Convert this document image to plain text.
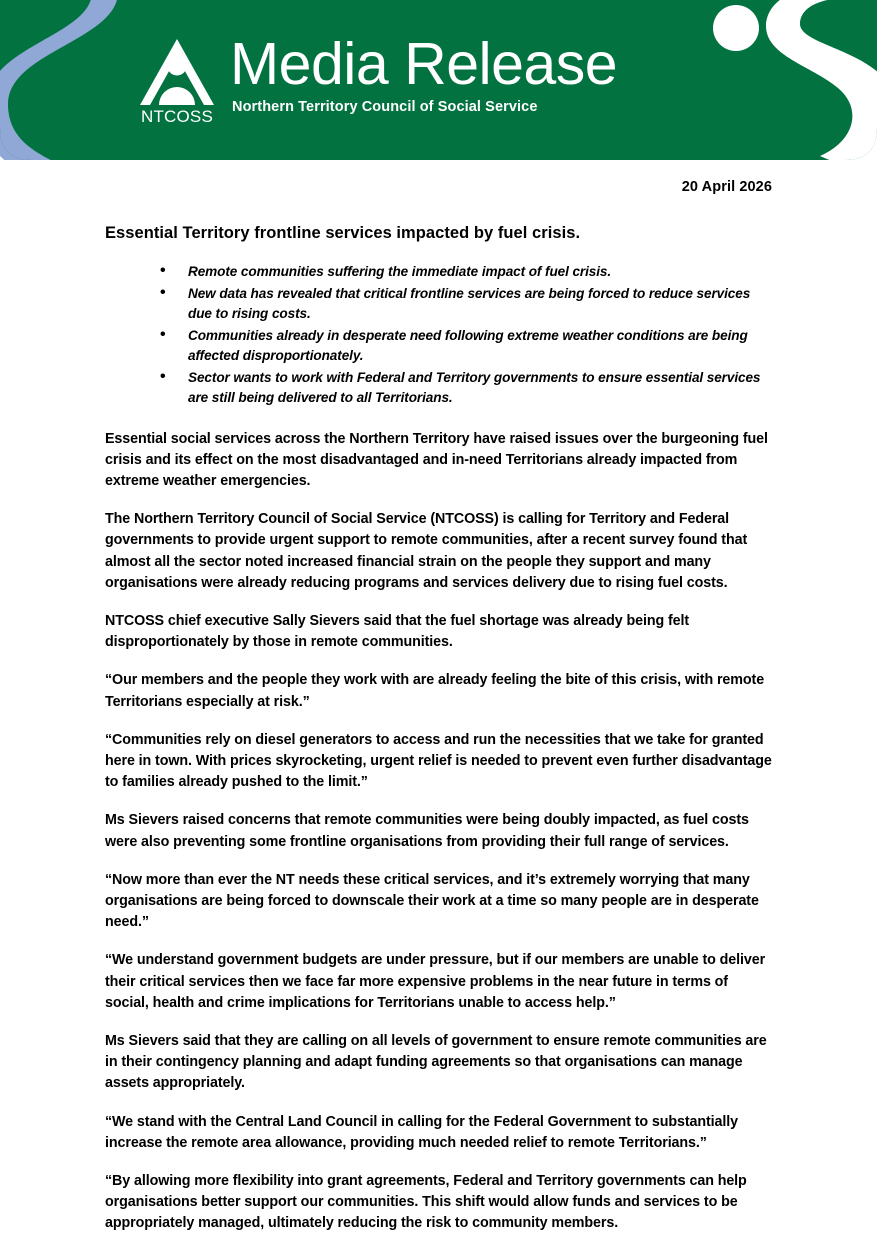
NTCOSS
Media Release
Northern Territory Council of Social Service
20 April 2026
Essential Territory frontline services impacted by fuel crisis.
• Remote communities suffering the immediate impact of fuel crisis.
• New data has revealed that critical frontline services are being forced to reduce services due to rising costs.
• Communities already in desperate need following extreme weather conditions are being affected disproportionately.
• Sector wants to work with Federal and Territory governments to ensure essential services are still being delivered to all Territorians.

Essential social services across the Northern Territory have raised issues over the burgeoning fuel crisis and its effect on the most disadvantaged and in-need Territorians already impacted from extreme weather emergencies.

The Northern Territory Council of Social Service (NTCOSS) is calling for Territory and Federal governments to provide urgent support to remote communities, after a recent survey found that almost all the sector noted increased financial strain on the people they support and many organisations were already reducing programs and services delivery due to rising fuel costs.

NTCOSS chief executive Sally Sievers said that the fuel shortage was already being felt disproportionately by those in remote communities.

“Our members and the people they work with are already feeling the bite of this crisis, with remote Territorians especially at risk.”

“Communities rely on diesel generators to access and run the necessities that we take for granted here in town. With prices skyrocketing, urgent relief is needed to prevent even further disadvantage to families already pushed to the limit.”

Ms Sievers raised concerns that remote communities were being doubly impacted, as fuel costs were also preventing some frontline organisations from providing their full range of services.

“Now more than ever the NT needs these critical services, and it’s extremely worrying that many organisations are being forced to downscale their work at a time so many people are in desperate need.”

“We understand government budgets are under pressure, but if our members are unable to deliver their critical services then we face far more expensive problems in the near future in terms of social, health and crime implications for Territorians unable to access help.”

Ms Sievers said that they are calling on all levels of government to ensure remote communities are in their contingency planning and adapt funding agreements so that organisations can manage assets appropriately.

“We stand with the Central Land Council in calling for the Federal Government to substantially increase the remote area allowance, providing much needed relief to remote Territorians.”

“By allowing more flexibility into grant agreements, Federal and Territory governments can help organisations better support our communities. This shift would allow funds and services to be appropriately managed, ultimately reducing the risk to community members.
